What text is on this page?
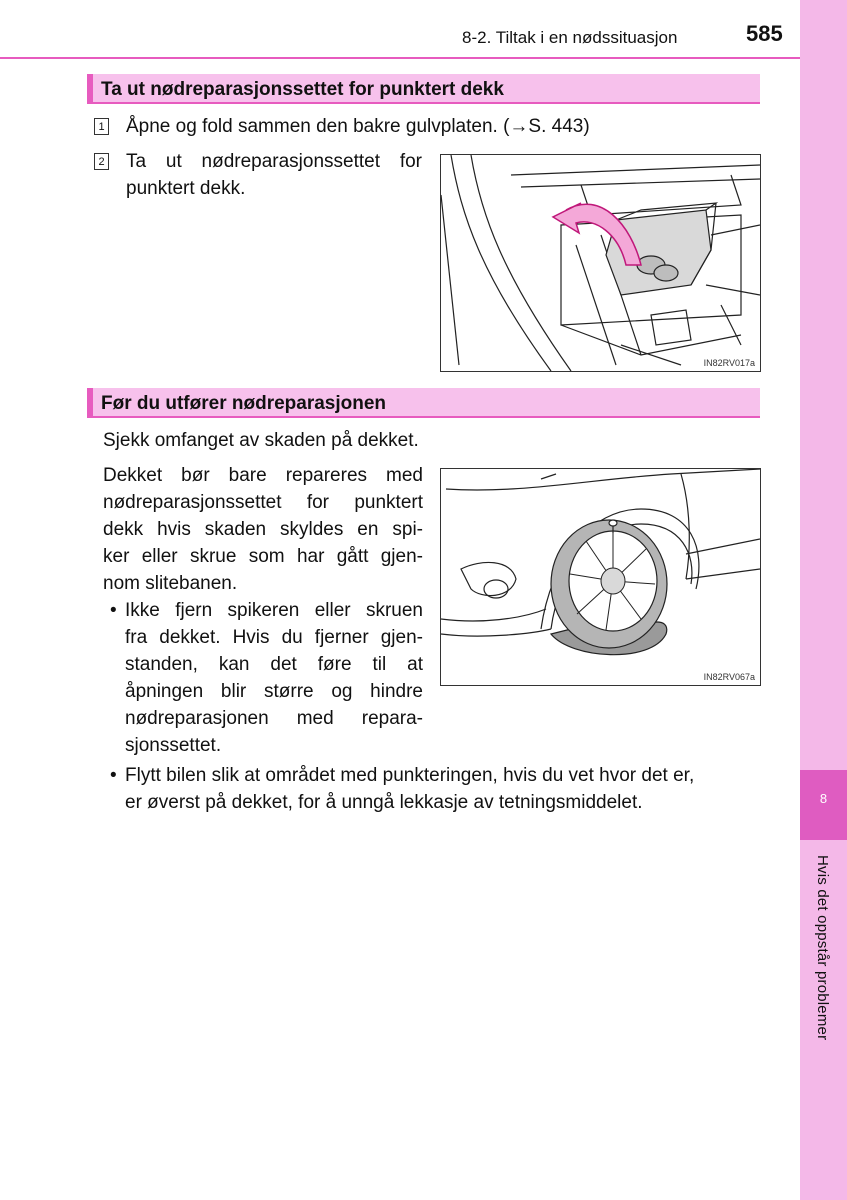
8-2. Tiltak i en nødssituasjon	585
8
Hvis det oppstår problemer
Ta ut nødreparasjonssettet for punktert dekk
1 Åpne og fold sammen den bakre gulvplaten. (→S. 443)
2 Ta ut nødreparasjonssettet for
punktert dekk.
IN82RV017a
Før du utfører nødreparasjonen
Sjekk omfanget av skaden på dekket.
Dekket bør bare repareres med
nødreparasjonssettet for punktert
dekk hvis skaden skyldes en spi-
ker eller skrue som har gått gjen-
nom slitebanen.
• Ikke fjern spikeren eller skruen
fra dekket. Hvis du fjerner gjen-
standen, kan det føre til at
åpningen blir større og hindre
nødreparasjonen med repara-
sjonssettet.
• Flytt bilen slik at området med punkteringen, hvis du vet hvor det er,
er øverst på dekket, for å unngå lekkasje av tetningsmiddelet.
IN82RV067a
